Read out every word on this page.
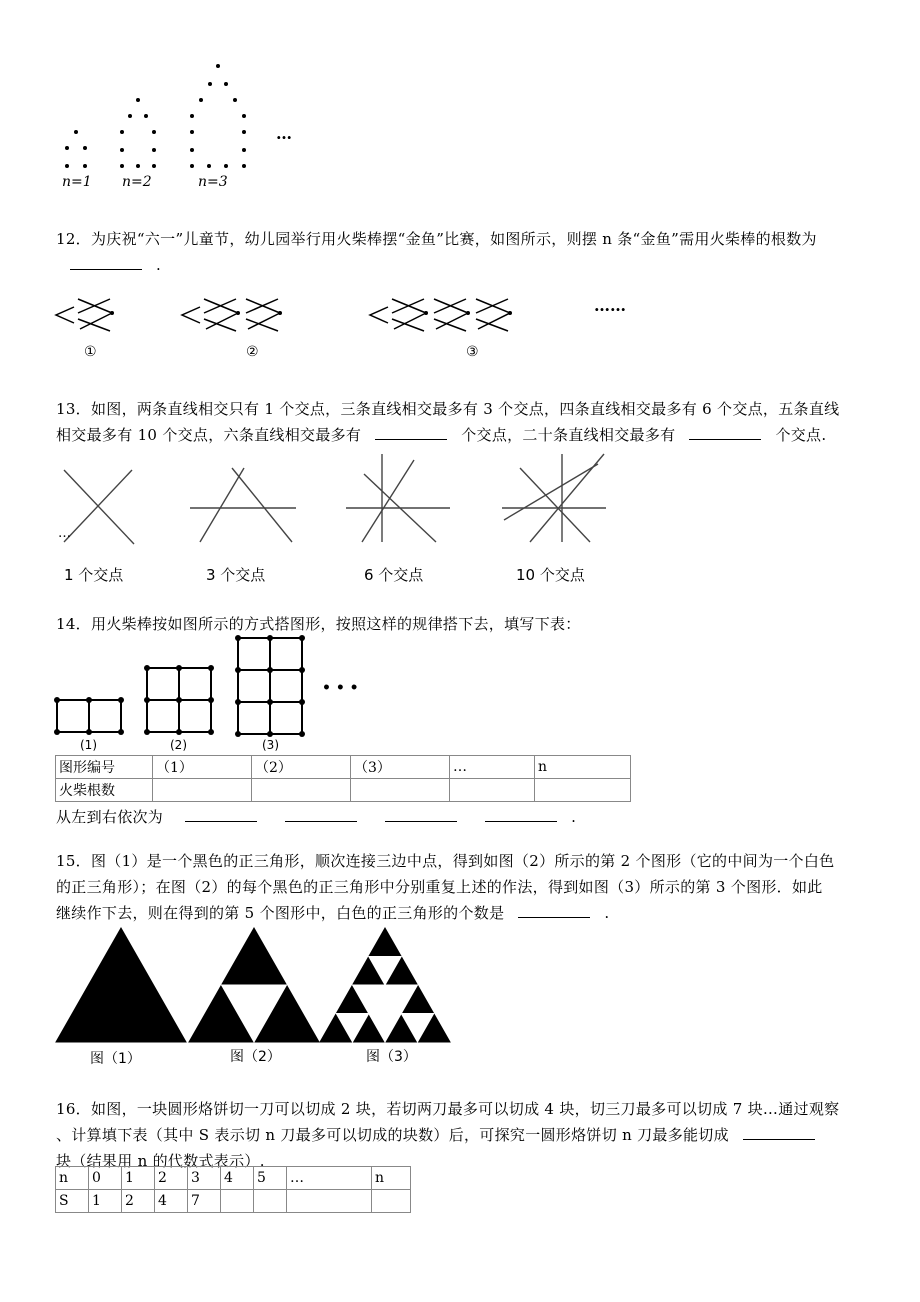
n=1 n=2	n=3
…
12．为庆祝“六一”儿童节，幼儿园举行用火柴棒摆“金鱼”比赛，如图所示，则摆 n 条“金鱼”需用火柴棒的根数为.
①	②	③
……
13．如图，两条直线相交只有 1 个交点，三条直线相交最多有 3 个交点，四条直线相交最多有 6 个交点，五条直线
相交最多有 10 个交点，六条直线相交最多有	个交点，二十条直线相交最多有	个交点.
…
1 个交点	3 个交点	6 个交点	10 个交点
14．用火柴棒按如图所示的方式搭图形，按照这样的规律搭下去，填写下表：
(1)	(2)	(3)
• • •
图形编号	（1）	（2）	（3）	…	n
火柴根数					
从左到右依次为	.
15．图（1）是一个黑色的正三角形，顺次连接三边中点，得到如图（2）所示的第 2 个图形（它的中间为一个白色
的正三角形）；在图（2）的每个黑色的正三角形中分别重复上述的作法，得到如图（3）所示的第 3 个图形．如此
继续作下去，则在得到的第 5 个图形中，白色的正三角形的个数是	.
图（1）	图（2）	图（3）
16．如图，一块圆形烙饼切一刀可以切成 2 块，若切两刀最多可以切成 4 块，切三刀最多可以切成 7 块…通过观察
、计算填下表（其中 S 表示切 n 刀最多可以切成的块数）后，可探究一圆形烙饼切 n 刀最多能切成
块（结果用 n 的代数式表示）.
n	0	1	2	3	4	5	…	n
S	1	2	4	7				
